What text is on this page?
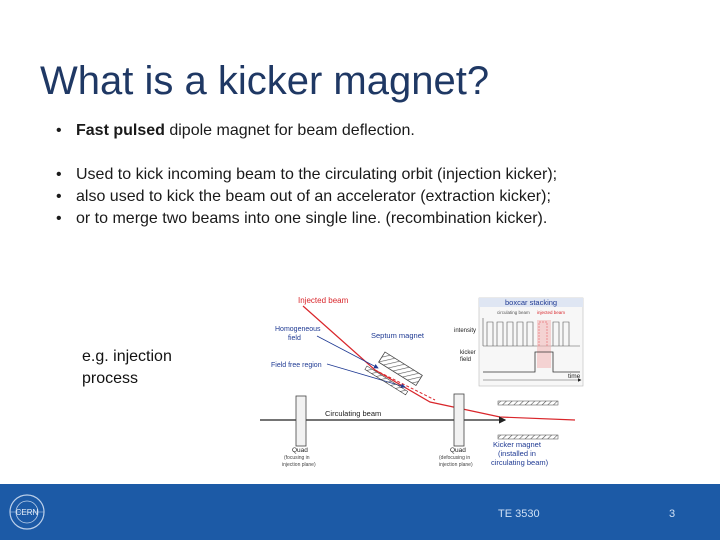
What is a kicker magnet?
• Fast pulsed dipole magnet for beam deflection.
• Used to kick incoming beam to the circulating orbit (injection kicker);
• also used to kick the beam out of an accelerator (extraction kicker);
• or to merge two beams into one single line. (recombination kicker).
e.g. injection
process
Injected beam
Homogeneous
field
Field free region
Septum magnet
Circulating beam
Quad
(focusing in
injection plane)
Quad
(defocusing in
injection plane)
Kicker magnet
(installed in
circulating beam)
boxcar stacking
circulating beam injected beam
intensity
kicker
field
time
CERN	TE 3530	3
